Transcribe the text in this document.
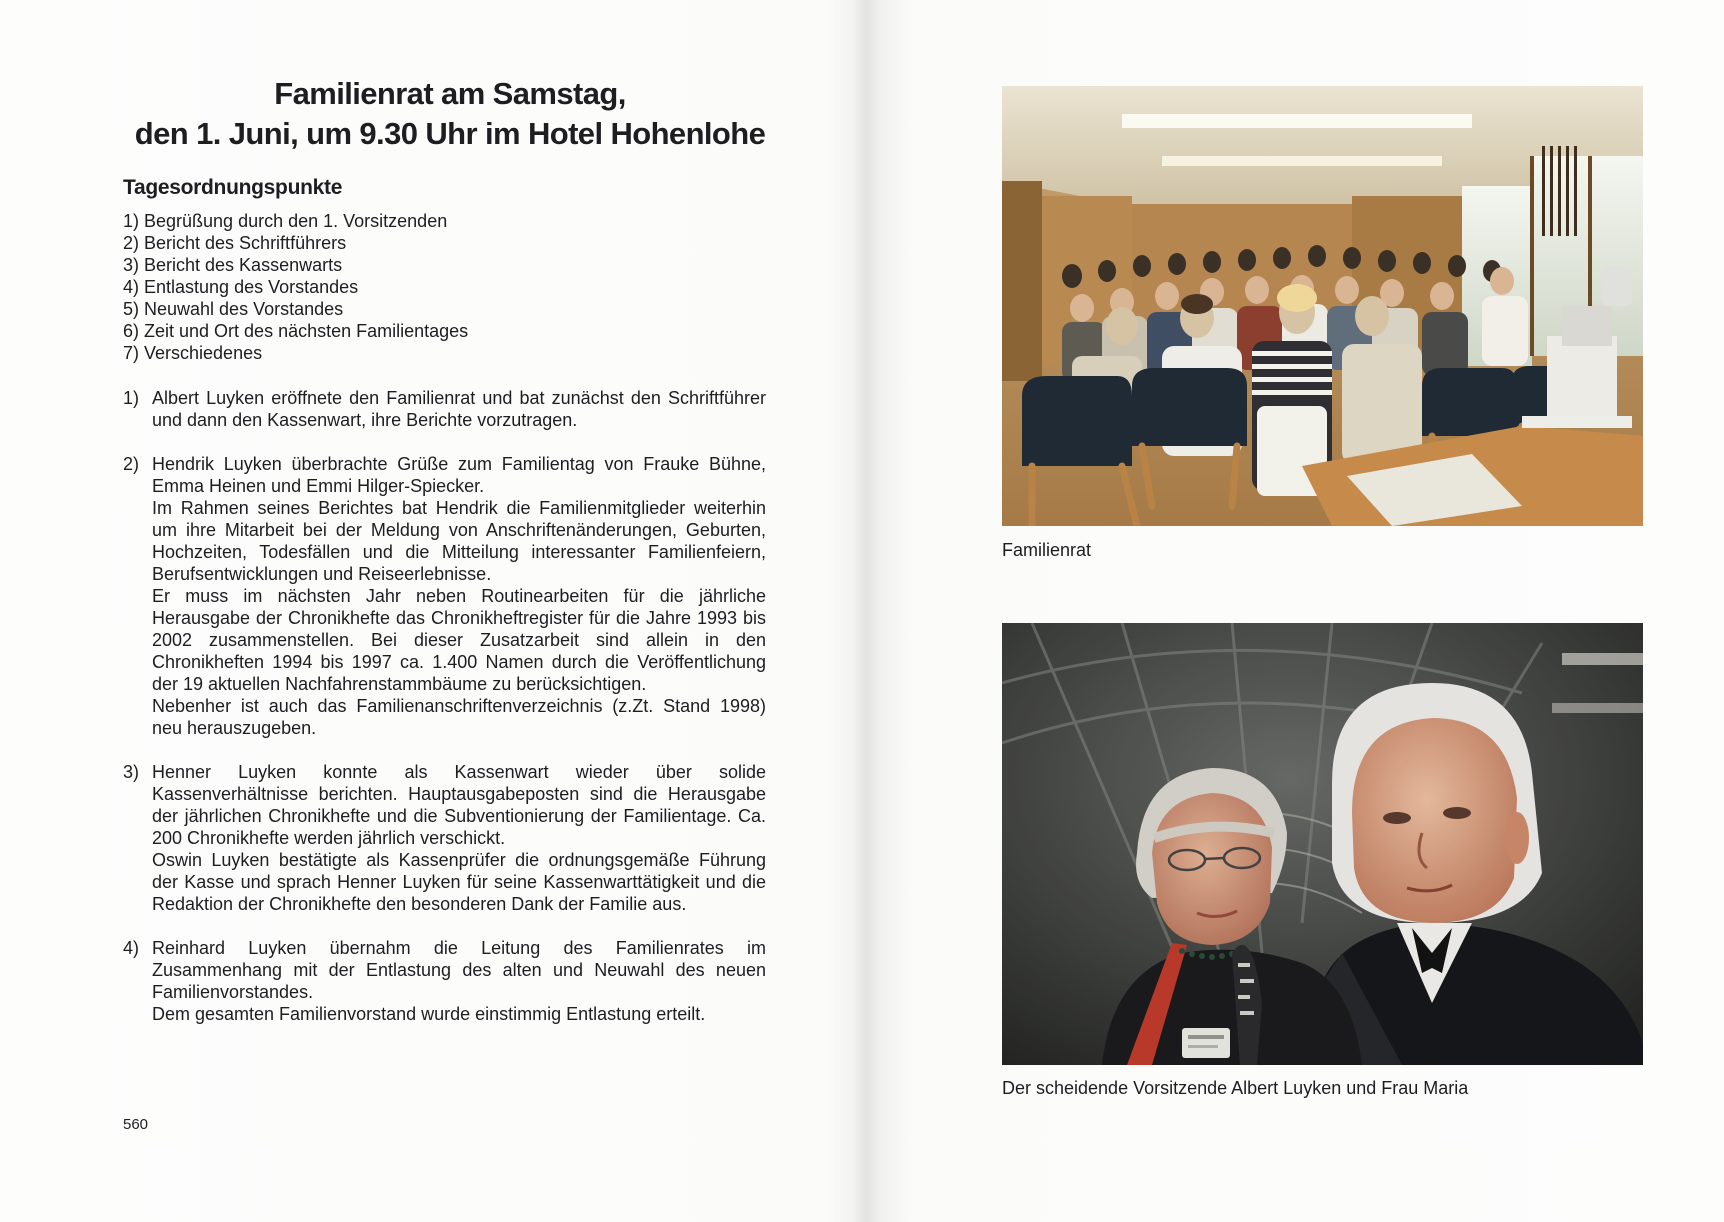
Familienrat am Samstag,
den 1. Juni, um 9.30 Uhr im Hotel Hohenlohe
Tagesordnungspunkte
1) Begrüßung durch den 1. Vorsitzenden
2) Bericht des Schriftführers
3) Bericht des Kassenwarts
4) Entlastung des Vorstandes
5) Neuwahl des Vorstandes
6) Zeit und Ort des nächsten Familientages
7) Verschiedenes
1) Albert Luyken eröffnete den Familienrat und bat zunächst den Schriftführer und dann den Kassenwart, ihre Berichte vorzutragen.

2) Hendrik Luyken überbrachte Grüße zum Familientag von Frauke Bühne, Emma Heinen und Emmi Hilger-Spiecker.

Im Rahmen seines Berichtes bat Hendrik die Familienmitglieder weiterhin um ihre Mitarbeit bei der Meldung von Anschriftenänderungen, Geburten, Hochzeiten, Todesfällen und die Mitteilung interessanter Familienfeiern, Berufsentwicklungen und Reiseerlebnisse.

Er muss im nächsten Jahr neben Routinearbeiten für die jährliche Herausgabe der Chronikhefte das Chronikheftregister für die Jahre 1993 bis 2002 zusammenstellen. Bei dieser Zusatzarbeit sind allein in den Chronikheften 1994 bis 1997 ca. 1.400 Namen durch die Veröffentlichung der 19 aktuellen Nachfahrenstammbäume zu berücksichtigen.

Nebenher ist auch das Familienanschriftenverzeichnis (z.Zt. Stand 1998) neu herauszugeben.

3) Henner Luyken konnte als Kassenwart wieder über solide Kassenverhältnisse berichten. Hauptausgabeposten sind die Herausgabe der jährlichen Chronikhefte und die Subventionierung der Familientage. Ca. 200 Chronikhefte werden jährlich verschickt.

Oswin Luyken bestätigte als Kassenprüfer die ordnungsgemäße Führung der Kasse und sprach Henner Luyken für seine Kassenwarttätigkeit und die Redaktion der Chronikhefte den besonderen Dank der Familie aus.

4) Reinhard Luyken übernahm die Leitung des Familienrates im Zusammenhang mit der Entlastung des alten und Neuwahl des neuen Familienvorstandes.

Dem gesamten Familienvorstand wurde einstimmig Entlastung erteilt.

560
Familienrat
Der scheidende Vorsitzende Albert Luyken und Frau Maria
